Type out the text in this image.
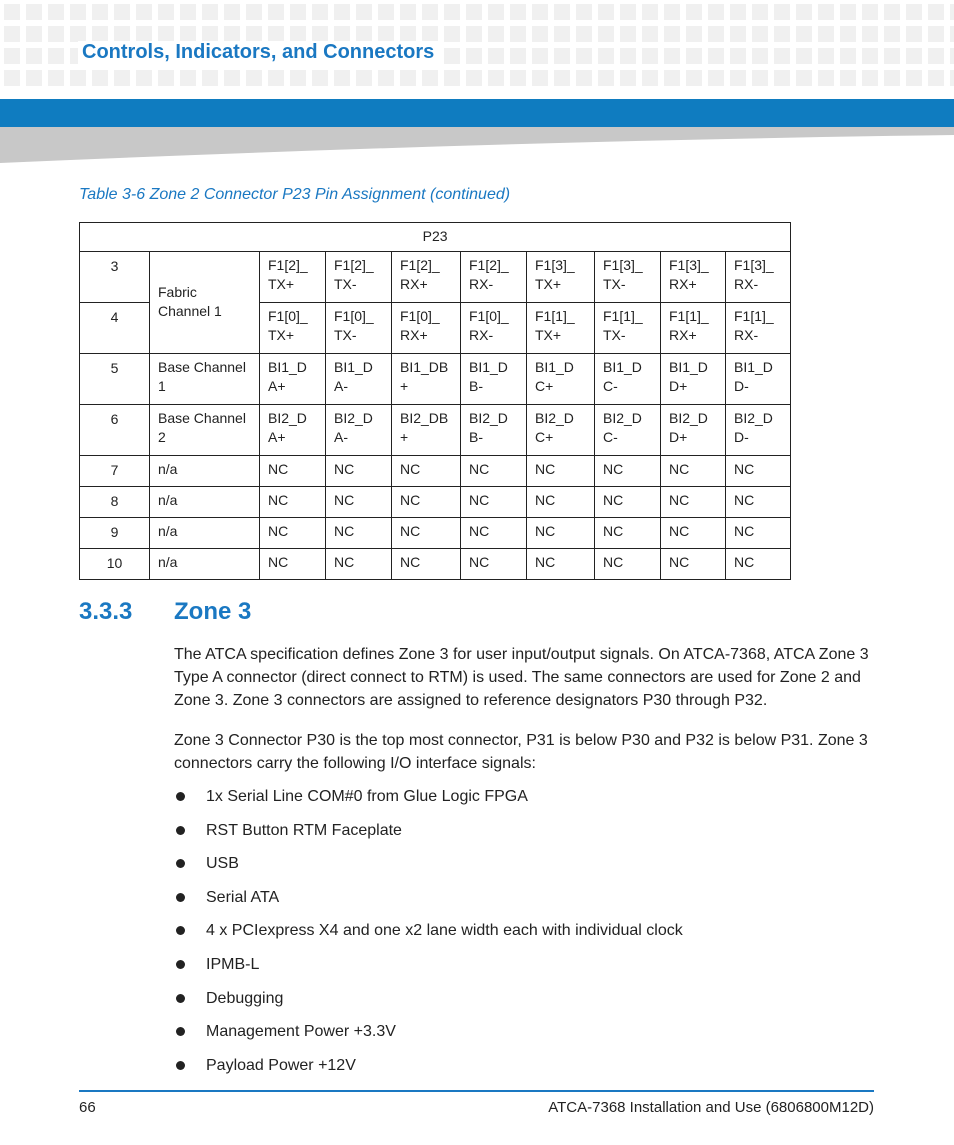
Controls, Indicators, and Connectors
Table 3-6 Zone 2 Connector P23 Pin Assignment (continued)
P23									
3	Fabric Channel 1	F1[2]_ TX+	F1[2]_ TX-	F1[2]_ RX+	F1[2]_ RX-	F1[3]_ TX+	F1[3]_ TX-	F1[3]_ RX+	F1[3]_ RX-
4		F1[0]_ TX+	F1[0]_ TX-	F1[0]_ RX+	F1[0]_ RX-	F1[1]_ TX+	F1[1]_ TX-	F1[1]_ RX+	F1[1]_ RX-
5	Base Channel 1	BI1_D A+	BI1_D A-	BI1_DB +	BI1_D B-	BI1_D C+	BI1_D C-	BI1_D D+	BI1_D D-
6	Base Channel 2	BI2_D A+	BI2_D A-	BI2_DB +	BI2_D B-	BI2_D C+	BI2_D C-	BI2_D D+	BI2_D D-
7	n/a	NC	NC	NC	NC	NC	NC	NC	NC
8	n/a	NC	NC	NC	NC	NC	NC	NC	NC
9	n/a	NC	NC	NC	NC	NC	NC	NC	NC
10	n/a	NC	NC	NC	NC	NC	NC	NC	NC
3.3.3 Zone 3

The ATCA specification defines Zone 3 for user input/output signals. On ATCA-7368, ATCA Zone 3 Type A connector (direct connect to RTM) is used. The same connectors are used for Zone 2 and Zone 3. Zone 3 connectors are assigned to reference designators P30 through P32.

Zone 3 Connector P30 is the top most connector, P31 is below P30 and P32 is below P31. Zone 3 connectors carry the following I/O interface signals:

1x Serial Line COM#0 from Glue Logic FPGA
RST Button RTM Faceplate
USB
Serial ATA
4 x PCIexpress X4 and one x2 lane width each with individual clock
IPMB-L
Debugging
Management Power +3.3V
Payload Power +12V
66	ATCA-7368 Installation and Use (6806800M12D)
